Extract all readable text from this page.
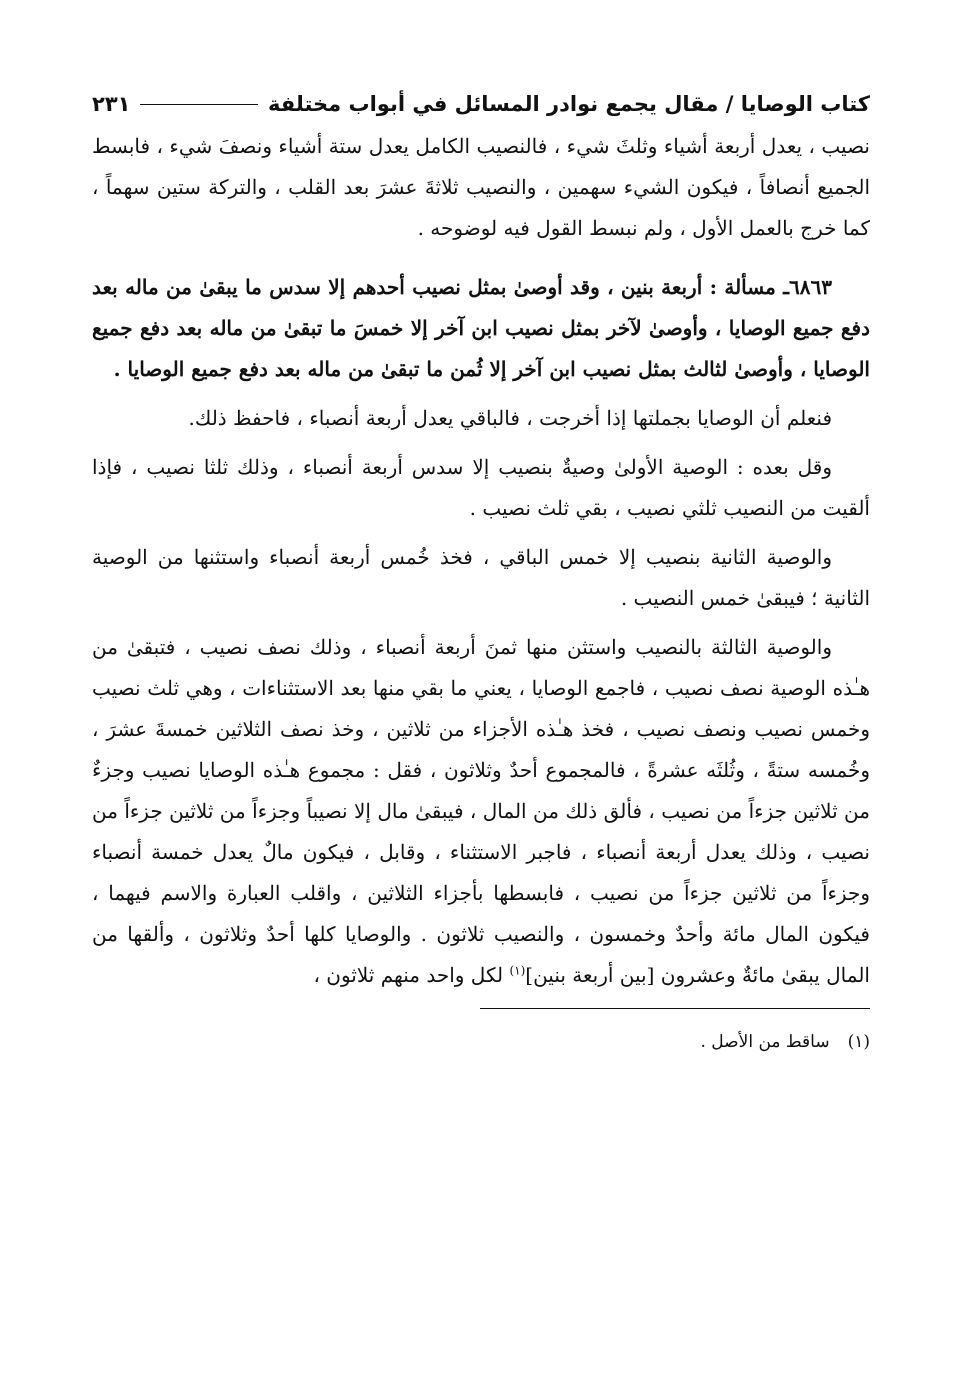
كتاب الوصايا / مقال يجمع نوادر المسائل في أبواب مختلفة
٢٣١

نصيب ، يعدل أربعة أشياء وثلثَ شيء ، فالنصيب الكامل يعدل ستة أشياء ونصفَ شيء ، فابسط الجميع أنصافاً ، فيكون الشيء سهمين ، والنصيب ثلاثةَ عشرَ بعد القلب ، والتركة ستين سهماً ، كما خرج بالعمل الأول ، ولم نبسط القول فيه لوضوحه .

٦٨٦٣ـ مسألة : أربعة بنين ، وقد أوصىٰ بمثل نصيب أحدهم إلا سدس ما يبقىٰ من ماله بعد دفع جميع الوصايا ، وأوصىٰ لآخر بمثل نصيب ابن آخر إلا خمسَ ما تبقىٰ من ماله بعد دفع جميع الوصايا ، وأوصىٰ لثالث بمثل نصيب ابن آخر إلا ثُمن ما تبقىٰ من ماله بعد دفع جميع الوصايا .

فنعلم أن الوصايا بجملتها إذا أخرجت ، فالباقي يعدل أربعة أنصباء ، فاحفظ ذلك.

وقل بعده : الوصية الأولىٰ وصيةٌ بنصيب إلا سدس أربعة أنصباء ، وذلك ثلثا نصيب ، فإذا ألقيت من النصيب ثلثي نصيب ، بقي ثلث نصيب .

والوصية الثانية بنصيب إلا خمس الباقي ، فخذ خُمس أربعة أنصباء واستثنها من الوصية الثانية ؛ فيبقىٰ خمس النصيب .

والوصية الثالثة بالنصيب واستثن منها ثمنَ أربعة أنصباء ، وذلك نصف نصيب ، فتبقىٰ من هـٰذه الوصية نصف نصيب ، فاجمع الوصايا ، يعني ما بقي منها بعد الاستثناءات ، وهي ثلث نصيب وخمس نصيب ونصف نصيب ، فخذ هـٰذه الأجزاء من ثلاثين ، وخذ نصف الثلاثين خمسةَ عشرَ ، وخُمسه ستةً ، وثُلثَه عشرةً ، فالمجموع أحدٌ وثلاثون ، فقل : مجموع هـٰذه الوصايا نصيب وجزءٌ من ثلاثين جزءاً من نصيب ، فألق ذلك من المال ، فيبقىٰ مال إلا نصيباً وجزءاً من ثلاثين جزءاً من نصيب ، وذلك يعدل أربعة أنصباء ، فاجبر الاستثناء ، وقابل ، فيكون مالٌ يعدل خمسة أنصباء وجزءاً من ثلاثين جزءاً من نصيب ، فابسطها بأجزاء الثلاثين ، واقلب العبارة والاسم فيهما ، فيكون المال مائة وأحدٌ وخمسون ، والنصيب ثلاثون . والوصايا كلها أحدٌ وثلاثون ، وألقها من المال يبقىٰ مائةٌ وعشرون [بين أربعة بنين]$^{(١)}$ لكل واحد منهم ثلاثون ،

(١)
ساقط من الأصل .
